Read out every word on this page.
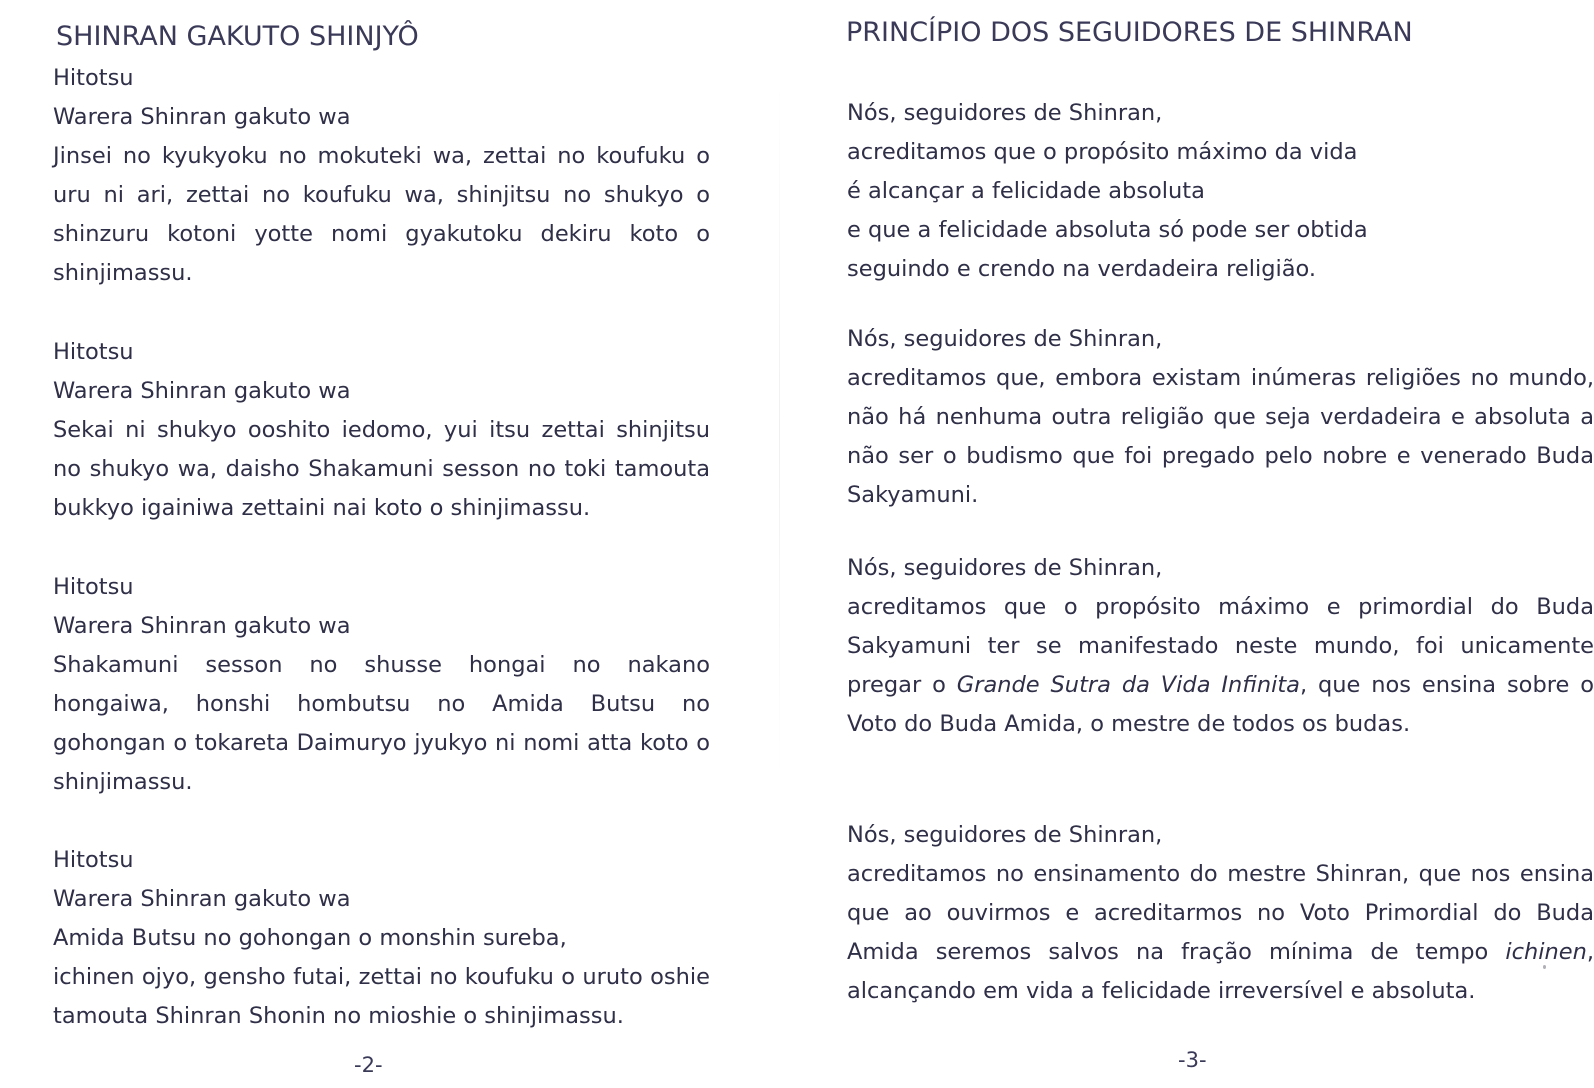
SHINRAN GAKUTO SHINJYÔ
Hitotsu
Warera Shinran gakuto wa

Jinsei no kyukyoku no mokuteki wa, zettai no koufuku o uru ni ari, zettai no koufuku wa, shinjitsu no shukyo o shinzuru kotoni yotte nomi gyakutoku dekiru koto o shinjimassu.

Hitotsu
Warera Shinran gakuto wa

Sekai ni shukyo ooshito iedomo, yui itsu zettai shinjitsu no shukyo wa, daisho Shakamuni sesson no toki tamouta bukkyo igainiwa zettaini nai koto o shinjimassu.

Hitotsu
Warera Shinran gakuto wa

Shakamuni sesson no shusse hongai no nakano hongaiwa, honshi hombutsu no Amida Butsu no gohongan o tokareta Daimuryo jyukyo ni nomi atta koto o shinjimassu.

Hitotsu
Warera Shinran gakuto wa
Amida Butsu no gohongan o monshin sureba,

ichinen ojyo, gensho futai, zettai no koufuku o uruto oshie tamouta Shinran Shonin no mioshie o shinjimassu.

-2-
PRINCÍPIO DOS SEGUIDORES DE SHINRAN
Nós, seguidores de Shinran,
acreditamos que o propósito máximo da vida
é alcançar a felicidade absoluta
e que a felicidade absoluta só pode ser obtida
seguindo e crendo na verdadeira religião.
Nós, seguidores de Shinran,

acreditamos que, embora existam inúmeras religiões no mundo, não há nenhuma outra religião que seja verdadeira e absoluta a não ser o budismo que foi pregado pelo nobre e venerado Buda Sakyamuni.

Nós, seguidores de Shinran,

acreditamos que o propósito máximo e primordial do Buda Sakyamuni ter se manifestado neste mundo, foi unicamente pregar o Grande Sutra da Vida Infinita, que nos ensina sobre o Voto do Buda Amida, o mestre de todos os budas.

Nós, seguidores de Shinran,

acreditamos no ensinamento do mestre Shinran, que nos ensina que ao ouvirmos e acreditarmos no Voto Primordial do Buda Amida seremos salvos na fração mínima de tempo ichinen, alcançando em vida a felicidade irreversível e absoluta.

-3-
